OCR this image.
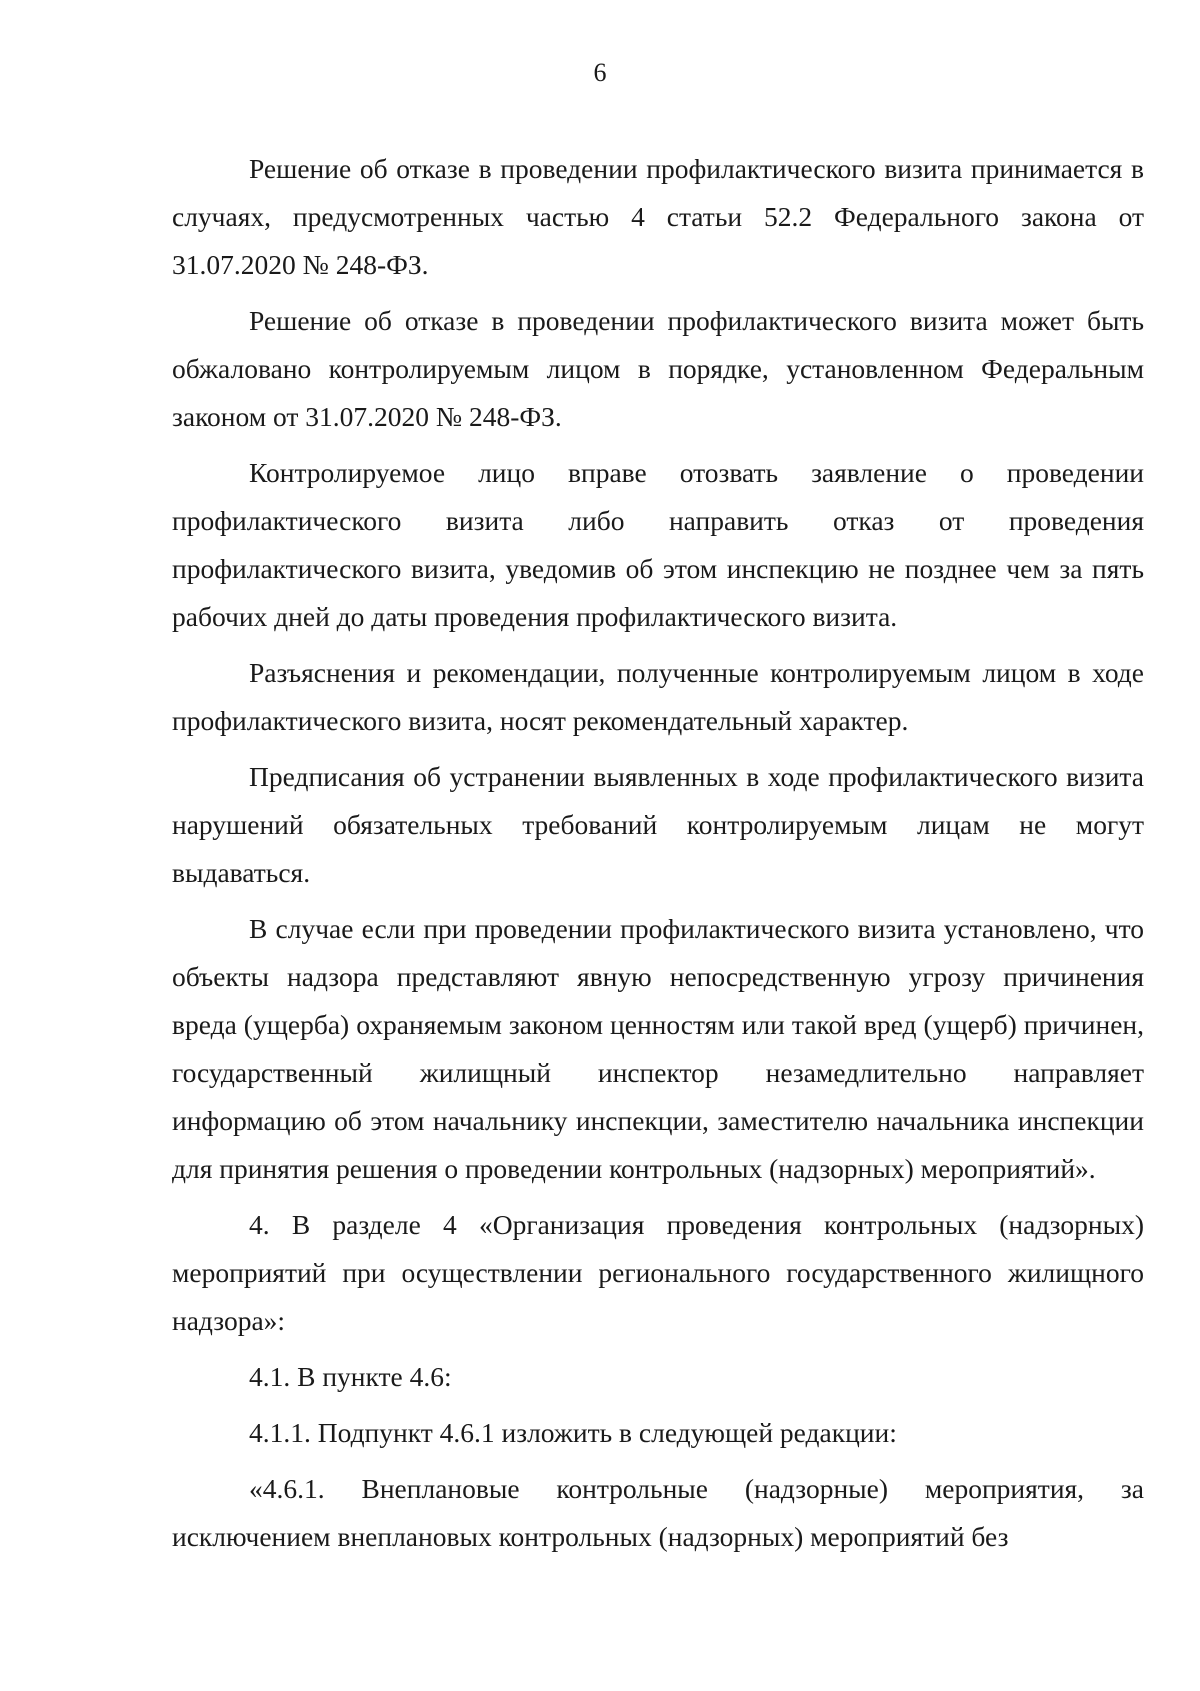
6

Решение об отказе в проведении профилактического визита принимается в случаях, предусмотренных частью 4 статьи 52.2 Федерального закона от 31.07.2020 № 248-ФЗ.

Решение об отказе в проведении профилактического визита может быть обжаловано контролируемым лицом в порядке, установленном Федеральным законом от 31.07.2020 № 248-ФЗ.

Контролируемое лицо вправе отозвать заявление о проведении профилактического визита либо направить отказ от проведения профилактического визита, уведомив об этом инспекцию не позднее чем за пять рабочих дней до даты проведения профилактического визита.

Разъяснения и рекомендации, полученные контролируемым лицом в ходе профилактического визита, носят рекомендательный характер.

Предписания об устранении выявленных в ходе профилактического визита нарушений обязательных требований контролируемым лицам не могут выдаваться.

В случае если при проведении профилактического визита установлено, что объекты надзора представляют явную непосредственную угрозу причинения вреда (ущерба) охраняемым законом ценностям или такой вред (ущерб) причинен, государственный жилищный инспектор незамедлительно направляет информацию об этом начальнику инспекции, заместителю начальника инспекции для принятия решения о проведении контрольных (надзорных) мероприятий».

4. В разделе 4 «Организация проведения контрольных (надзорных) мероприятий при осуществлении регионального государственного жилищного надзора»:

4.1. В пункте 4.6:

4.1.1. Подпункт 4.6.1 изложить в следующей редакции:

«4.6.1. Внеплановые контрольные (надзорные) мероприятия, за исключением внеплановых контрольных (надзорных) мероприятий без
